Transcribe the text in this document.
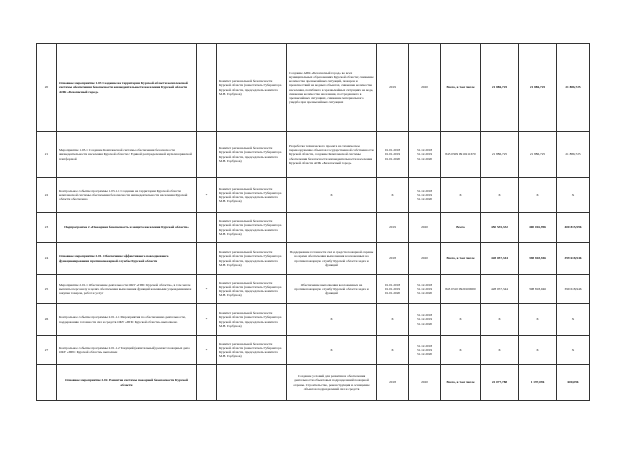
20	Основное мероприятие 1.03 Создание на территории Курской области комплексной системы обеспечения безопасности жизнедеятельности населения Курской области АПК «Безопасный город»		Комитет региональной безопасности Курской области (заместитель Губернатора Курской области, председатель комитета М.Н. Горбунов)	Создание АПК «Безопасный город» во всех муниципальных образованиях Курской области; снижение количества чрезвычайных ситуаций, пожаров и происшествий на водных объектах, снижение количества населения, погибшего в чрезвычайных ситуациях на воде, снижение количества населения, пострадавшего в чрезвычайных ситуациях, снижение материального ущерба при чрезвычайных ситуациях	2019	2020	Всего, в том числе	21 886,725	21 886,725	21 886,725
21	Мероприятие 1.03.1 Создание Комплексной системы обеспечения безопасности жизнедеятельности населения Курской области с Единой распределенной мультисервисной платформой		Комитет региональной безопасности Курской области (заместитель Губернатора Курской области, председатель комитета М.Н. Горбунов)	Разработка технического проекта на техническое перевооружение объектов государственной собственности Курской области, создание Комплексной системы обеспечения безопасности жизнедеятельности населения Курской области АПК «Безопасный город»	01.01.2018 01.01.2019 01.01.2020	31.12.2018 31.12.2019 31.12.2020	843 0309 0910211670	21 886,725	21 886,725	21 886,725
22	Контрольное событие программы 1.03.1.1 Создание на территории Курской области комплексной системы обеспечения безопасности жизнедеятельности населения Курской области обеспечено	*	Комитет региональной безопасности Курской области (заместитель Губернатора Курской области, председатель комитета М.Н. Горбунов)	X	X	31.12.2018 31.12.2019 31.12.2020	X	X	X	X
23	Подпрограмма 2 «Пожарная безопасность и защита населения Курской области»		Комитет региональной безопасности Курской области (заместитель Губернатора Курской области, председатель комитета М.Н. Горбунов)		2019	2020	Всего	450 535,332	400 016,996	400 815,996
24	Основное мероприятие 2.01. Обеспечение эффективного повседневного функционирования противопожарной службы Курской области		Комитет региональной безопасности Курской области (заместитель Губернатора Курской области, председатель комитета М.Н. Горбунов)	Поддержание готовности сил и средств пожарной охраны во время обеспечения выполнения возложенных на противопожарную службу Курской области задач и функций	2018	2020	Всего, в том числе	428 057,344	398 818,946	399 618,946
25	Мероприятие 2.01.1 Обеспечение деятельности ОКУ «ППС Курской области», в том числе выплаты персоналу в целях обеспечения выполнения функций казенными учреждениями и закупка товаров, работ и услуг	*	Комитет региональной безопасности Курской области (заместитель Губернатора Курской области, председатель комитета М.Н. Горбунов)	Обеспечение выполнения возложенных на противопожарную службу Курской области задач и функций	01.01.2018 01.01.2019 01.01.2020	31.12.2018 31.12.2019 31.12.2020	843 0310 0920100000	428 057,344	398 818,946	399 618,946
26	Контрольное событие программы 2.01.1.1 Мероприятия по обеспечению деятельности, поддержанию готовности сил и средств ОКУ «ППС Курской области» выполнено	*	Комитет региональной безопасности Курской области (заместитель Губернатора Курской области, председатель комитета М.Н. Горбунов)	X	X	31.12.2018 31.12.2019 31.12.2020	X	X	X	X
27	Контрольное событие программы 2.01.1.2 Текущий (капитальный) ремонт пожарных депо ОКУ «ППС Курской области» выполнен	*	Комитет региональной безопасности Курской области (заместитель Губернатора Курской области, председатель комитета М.Н. Горбунов)	X	X	31.12.2018 31.12.2019 31.12.2020	X	X	X	X
	Основное мероприятие 2.02. Развитие системы пожарной безопасности Курской области			Создание условий для развития и обеспечения деятельности объектовых подразделений пожарной охраны. Строительство, реконструкция и оснащение объектов подразделений сил и средств	2018	2020	Всего, в том числе	22 077,788	1 197,096	600,096
